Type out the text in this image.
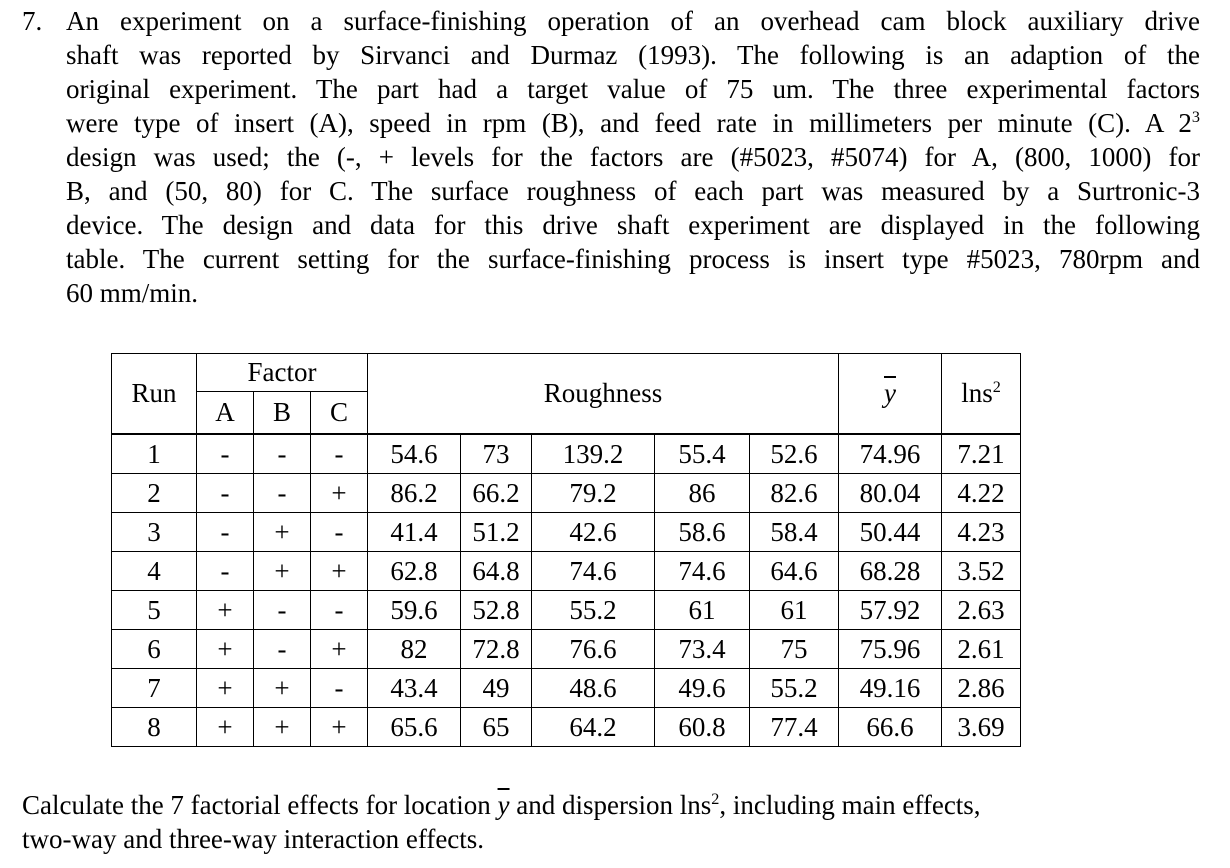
7. An experiment on a surface-finishing operation of an overhead cam block auxiliary drive
shaft was reported by Sirvanci and Durmaz (1993). The following is an adaption of the
original experiment. The part had a target value of 75 um. The three experimental factors
were type of insert (A), speed in rpm (B), and feed rate in millimeters per minute (C). A $2^3$
design was used; the (-, + levels for the factors are (#5023, #5074) for A, (800, 1000) for
B, and (50, 80) for C. The surface roughness of each part was measured by a Surtronic-3
device. The design and data for this drive shaft experiment are displayed in the following
table. The current setting for the surface-finishing process is insert type #5023, 780rpm and
60 mm/min.
Run	Factor			Roughness					$\overline{y}$	lns$^2$
	A	B	C							
1	-	-	-	54.6	73	139.2	55.4	52.6	74.96	7.21
2	-	-	+	86.2	66.2	79.2	86	82.6	80.04	4.22
3	-	+	-	41.4	51.2	42.6	58.6	58.4	50.44	4.23
4	-	+	+	62.8	64.8	74.6	74.6	64.6	68.28	3.52
5	+	-	-	59.6	52.8	55.2	61	61	57.92	2.63
6	+	-	+	82	72.8	76.6	73.4	75	75.96	2.61
7	+	+	-	43.4	49	48.6	49.6	55.2	49.16	2.86
8	+	+	+	65.6	65	64.2	60.8	77.4	66.6	3.69
Calculate the 7 factorial effects for location $\overline{y}$ and dispersion lns$^2$, including main effects,
two-way and three-way interaction effects.
